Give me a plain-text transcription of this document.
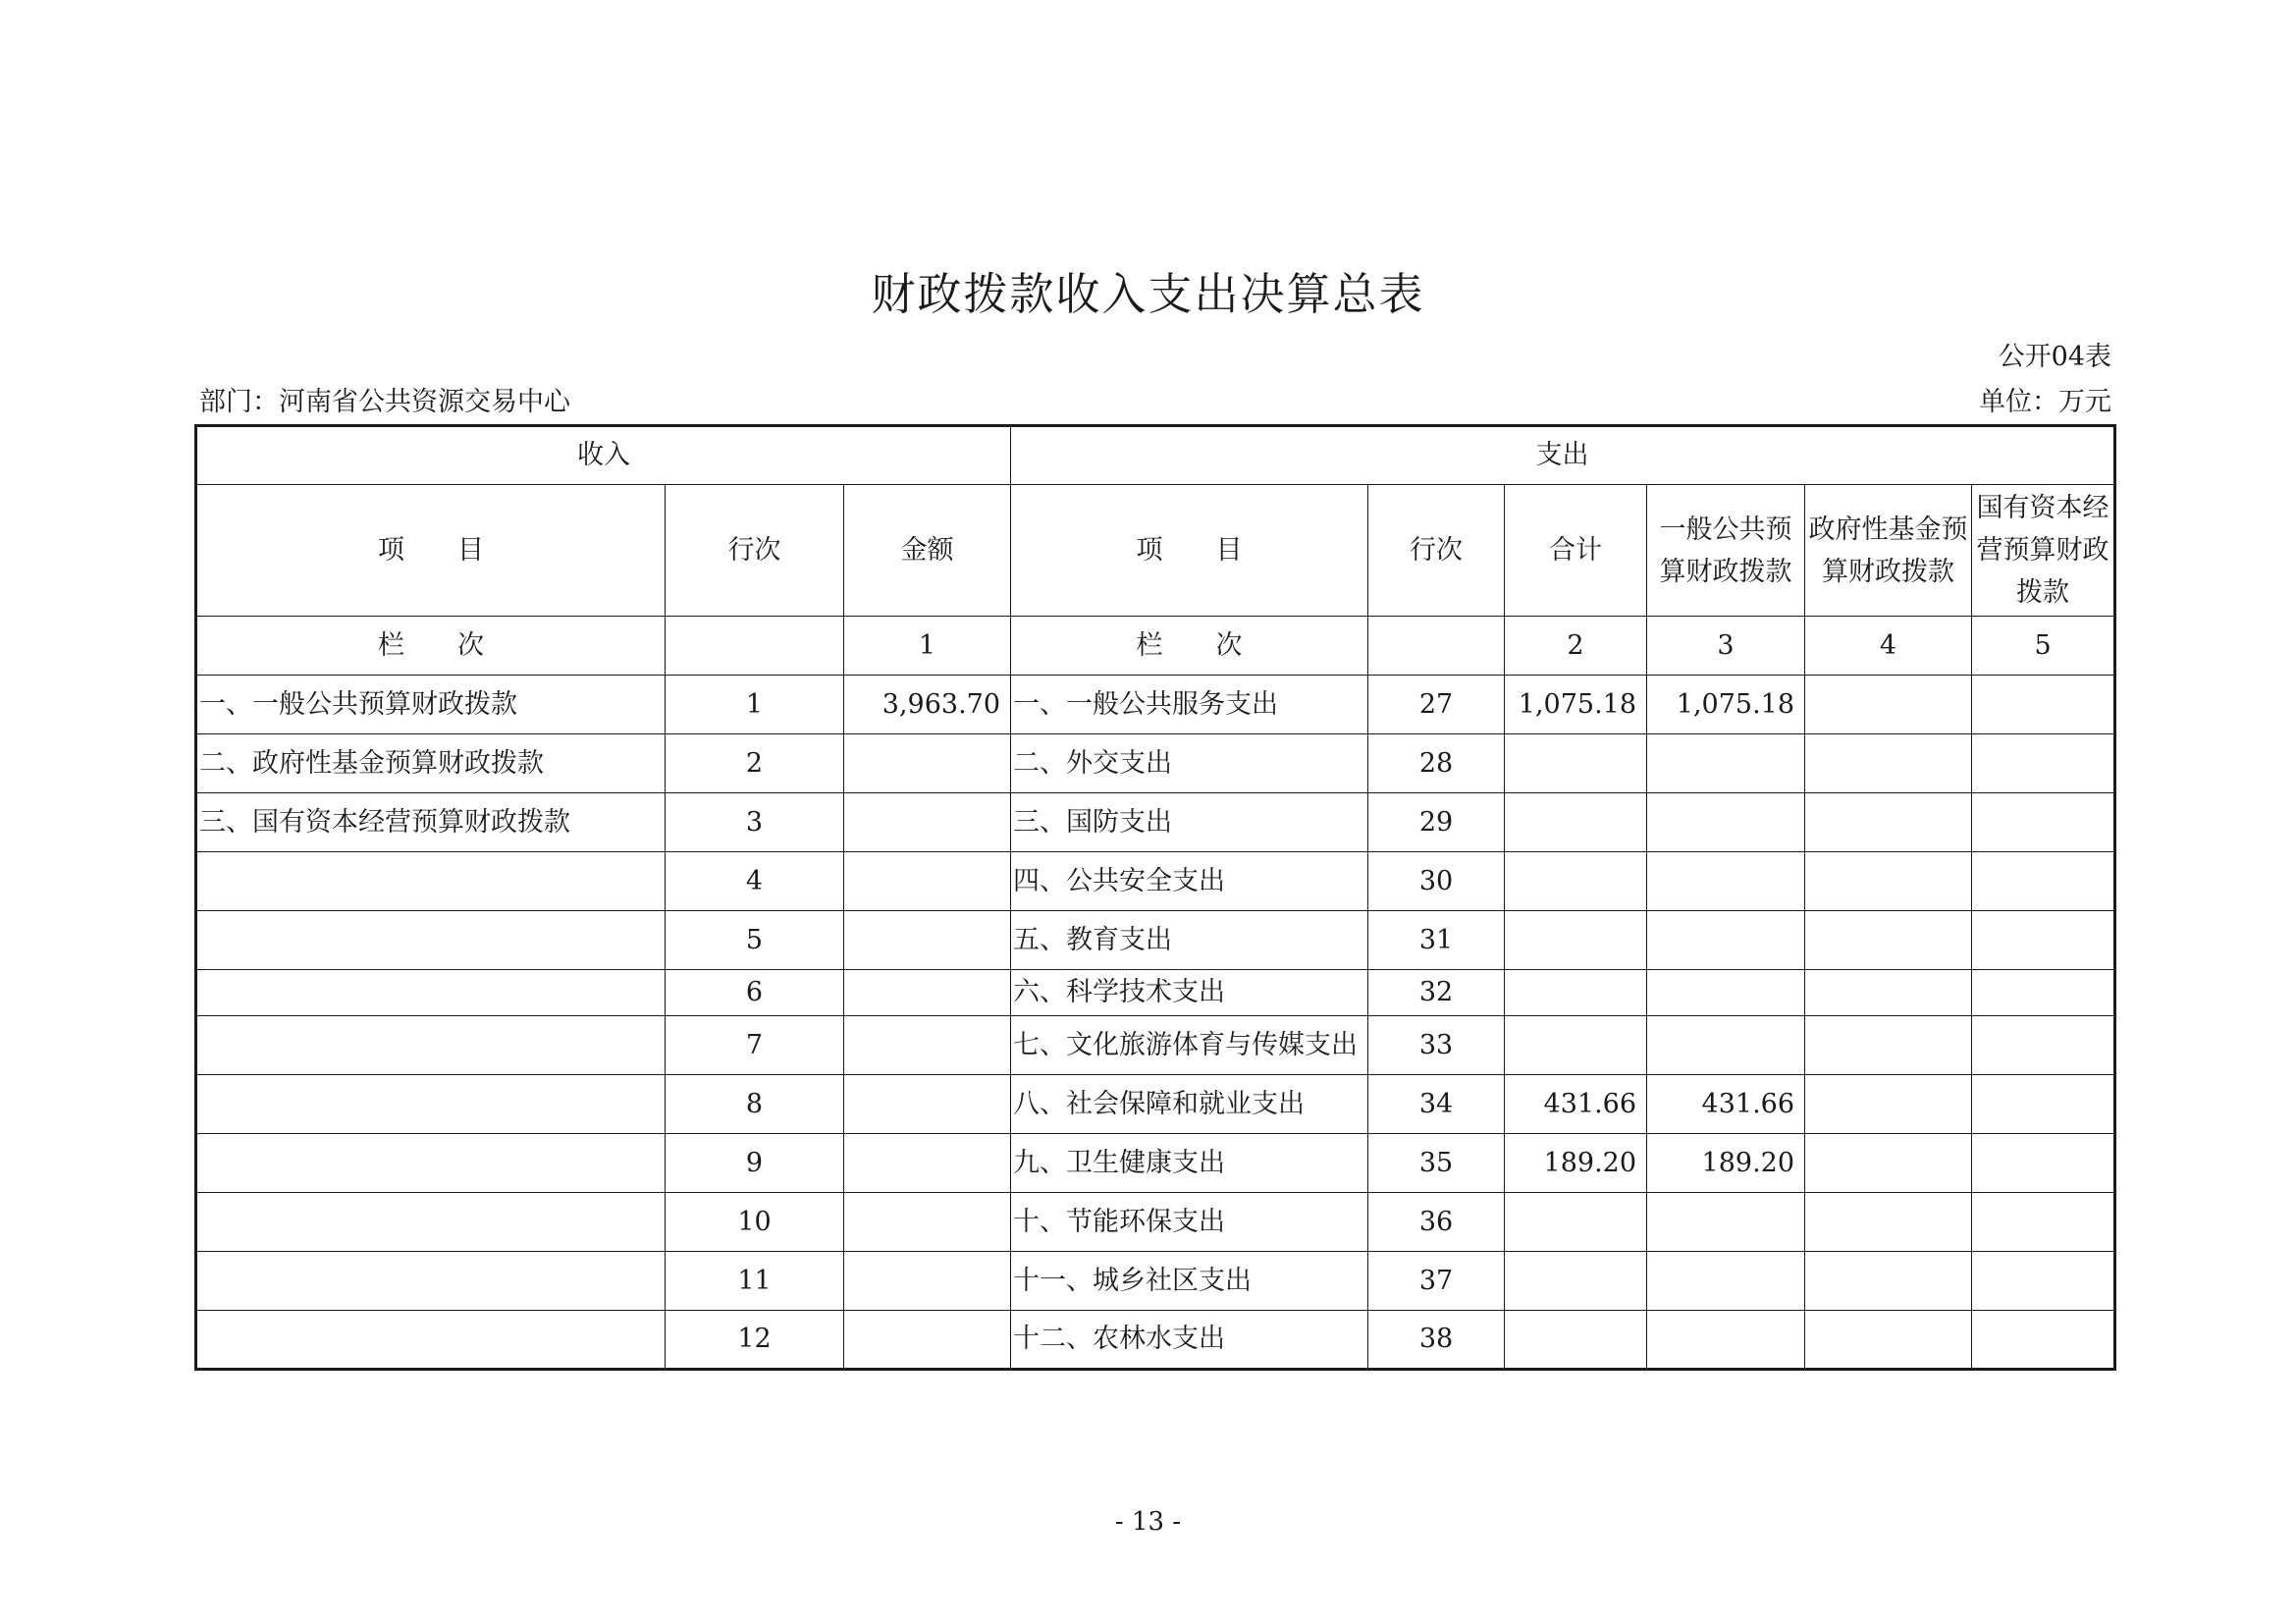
财政拨款收入支出决算总表
公开04表
部门：河南省公共资源交易中心	单位：万元
收入			支出					
项　　目	行次	金额	项　　目	行次	合计	一般公共预算财政拨款	政府性基金预算财政拨款	国有资本经营预算财政拨款
栏　　次		1	栏　　次		2	3	4	5
一、一般公共预算财政拨款	1	3,963.70	一、一般公共服务支出	27	1,075.18	1,075.18		
二、政府性基金预算财政拨款	2		二、外交支出	28				
三、国有资本经营预算财政拨款	3		三、国防支出	29				
	4		四、公共安全支出	30				
	5		五、教育支出	31				
	6		六、科学技术支出	32				
	7		七、文化旅游体育与传媒支出	33				
	8		八、社会保障和就业支出	34	431.66	431.66		
	9		九、卫生健康支出	35	189.20	189.20		
	10		十、节能环保支出	36				
	11		十一、城乡社区支出	37				
	12		十二、农林水支出	38				
- 13 -
